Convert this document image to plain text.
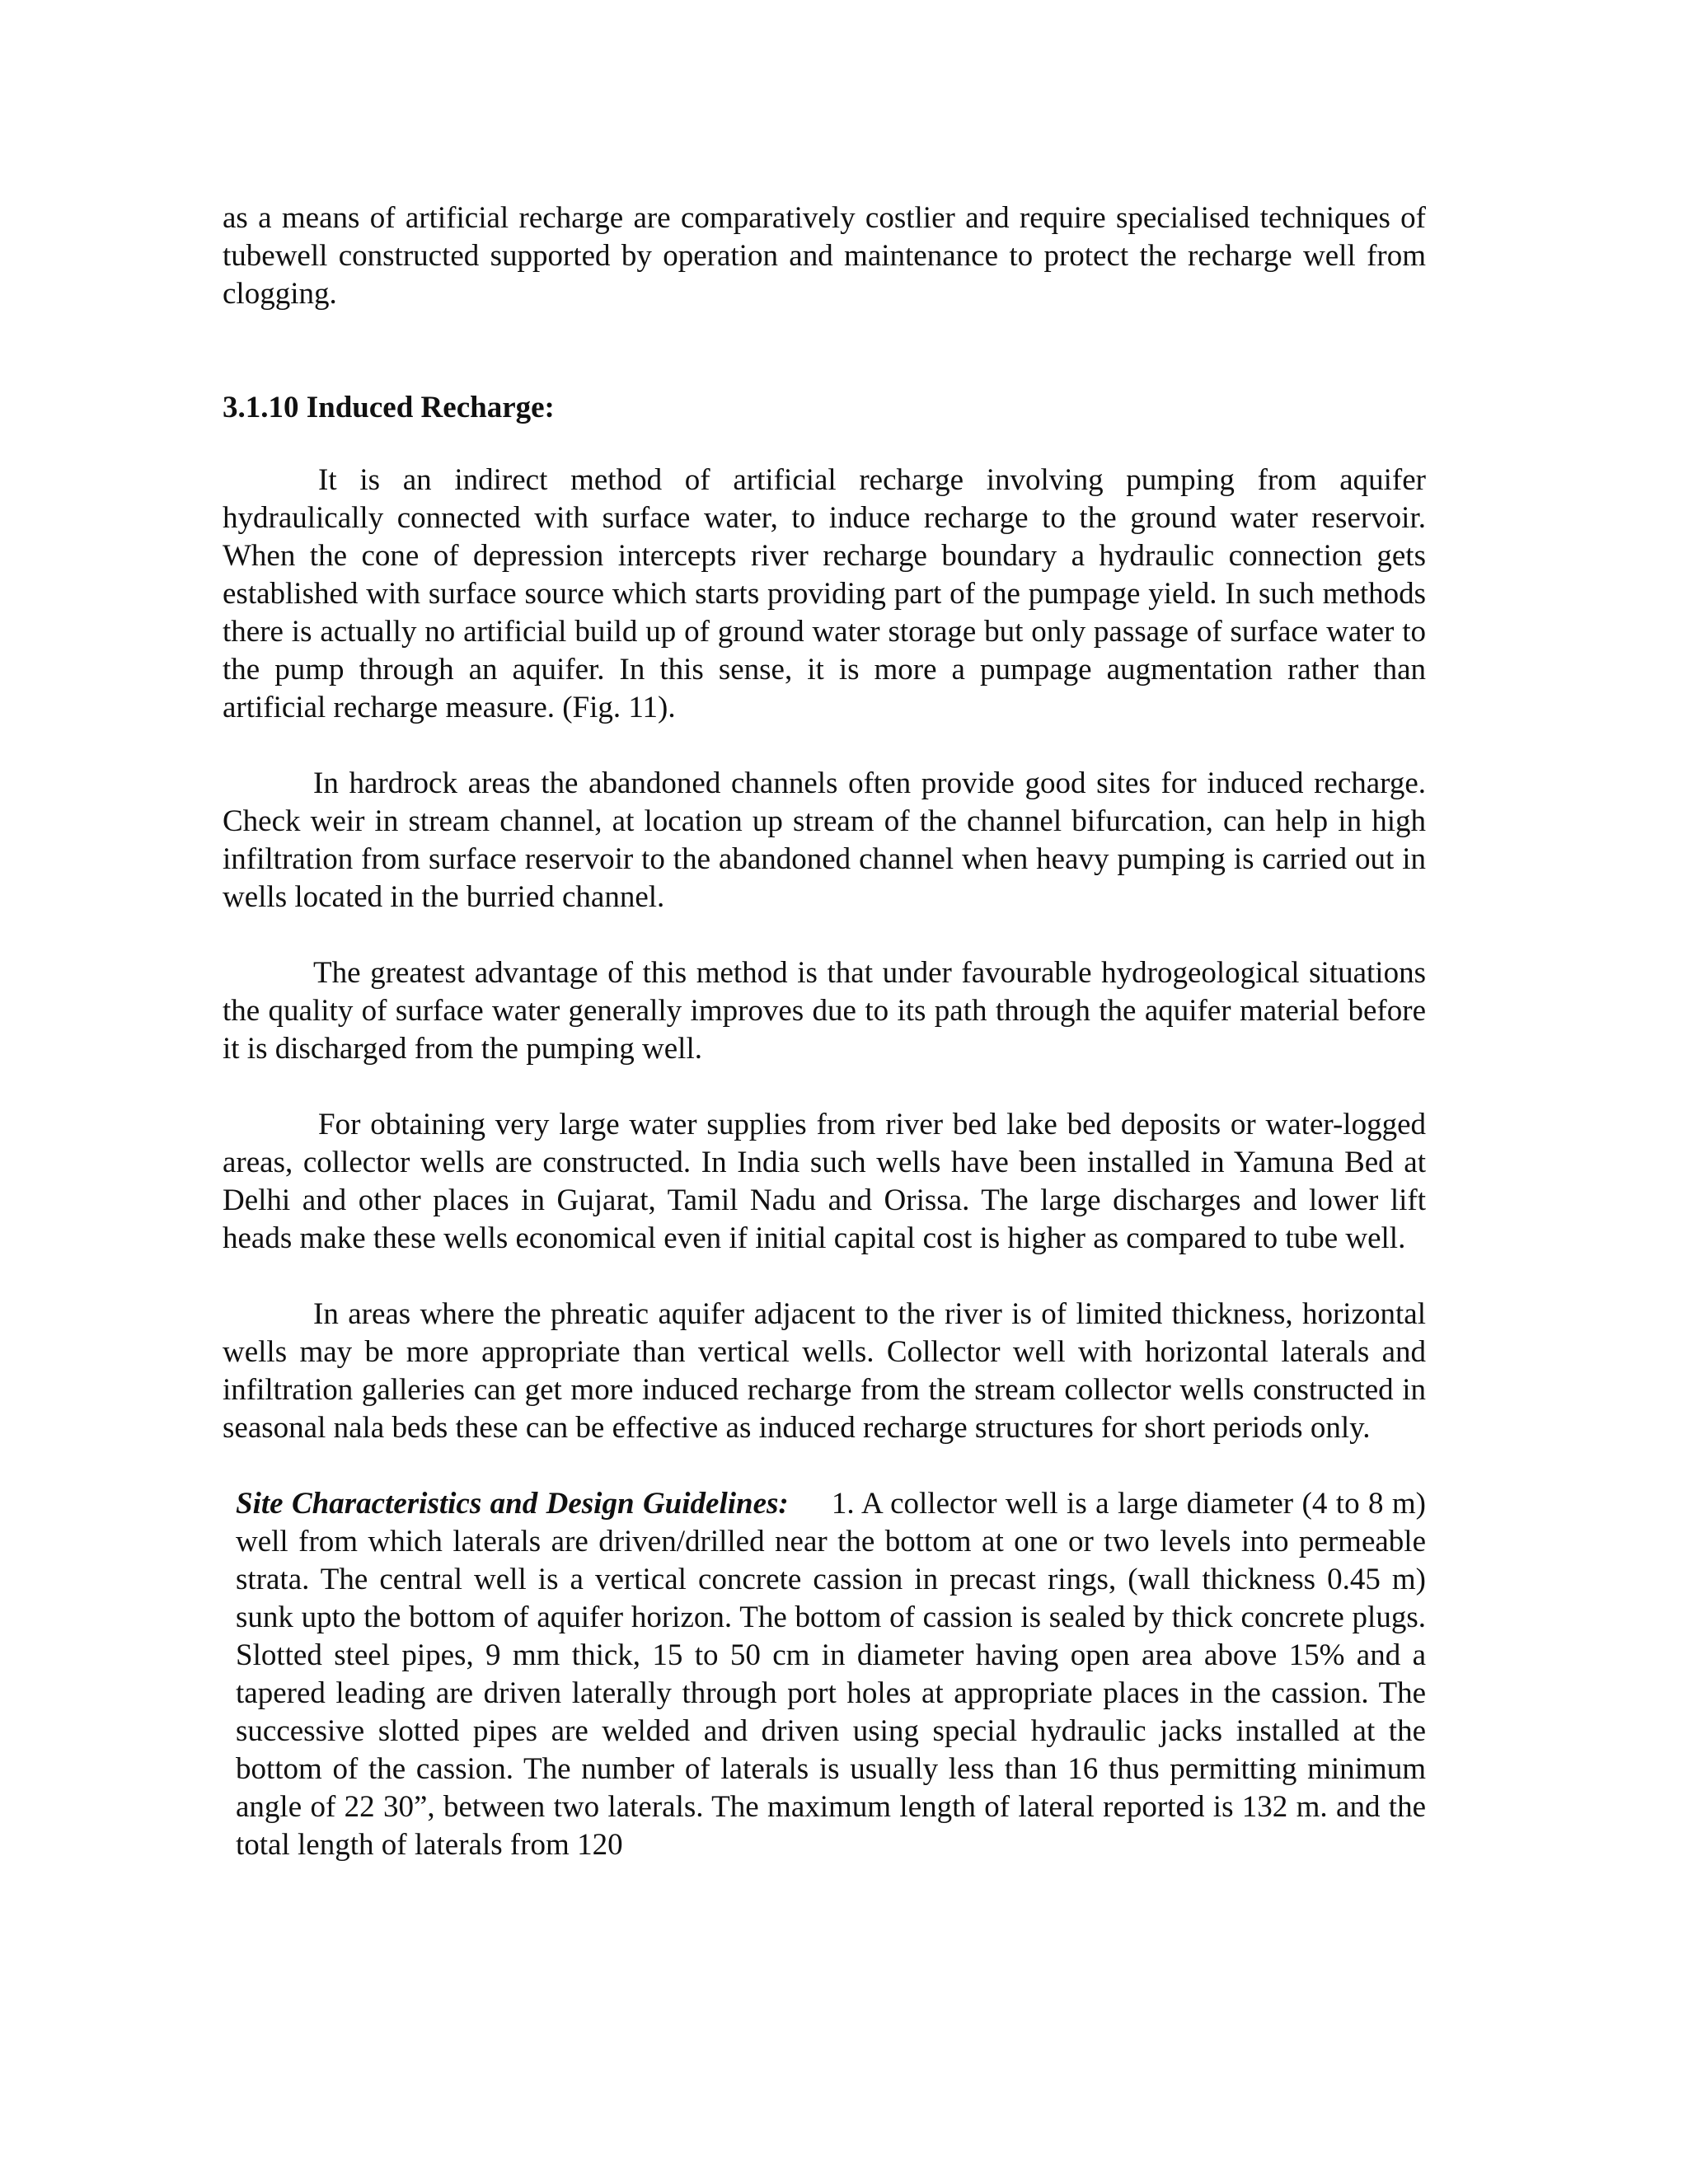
as a means of artificial recharge are comparatively costlier and require specialised techniques of tubewell constructed supported by operation and maintenance to protect the recharge well from clogging.

3.1.10 Induced Recharge:

It is an indirect method of artificial recharge involving pumping from aquifer hydraulically connected with surface water, to induce recharge to the ground water reservoir. When the cone of depression intercepts river recharge boundary a hydraulic connection gets established with surface source which starts providing part of the pumpage yield. In such methods there is actually no artificial build up of ground water storage but only passage of surface water to the pump through an aquifer. In this sense, it is more a pumpage augmentation rather than artificial recharge measure. (Fig. 11).

In hardrock areas the abandoned channels often provide good sites for induced recharge. Check weir in stream channel, at location up stream of the channel bifurcation, can help in high infiltration from surface reservoir to the abandoned channel when heavy pumping is carried out in wells located in the burried channel.

The greatest advantage of this method is that under favourable hydrogeological situations the quality of surface water generally improves due to its path through the aquifer material before it is discharged from the pumping well.

For obtaining very large water supplies from river bed lake bed deposits or water-logged areas, collector wells are constructed. In India such wells have been installed in Yamuna Bed at Delhi and other places in Gujarat, Tamil Nadu and Orissa. The large discharges and lower lift heads make these wells economical even if initial capital cost is higher as compared to tube well.

In areas where the phreatic aquifer adjacent to the river is of limited thickness, horizontal wells may be more appropriate than vertical wells. Collector well with horizontal laterals and infiltration galleries can get more induced recharge from the stream collector wells constructed in seasonal nala beds these can be effective as induced recharge structures for short periods only.

Site Characteristics and Design Guidelines: 1. A collector well is a large diameter (4 to 8 m) well from which laterals are driven/drilled near the bottom at one or two levels into permeable strata. The central well is a vertical concrete cassion in precast rings, (wall thickness 0.45 m) sunk upto the bottom of aquifer horizon. The bottom of cassion is sealed by thick concrete plugs. Slotted steel pipes, 9 mm thick, 15 to 50 cm in diameter having open area above 15% and a tapered leading are driven laterally through port holes at appropriate places in the cassion. The successive slotted pipes are welded and driven using special hydraulic jacks installed at the bottom of the cassion. The number of laterals is usually less than 16 thus permitting minimum angle of 22 30”, between two laterals. The maximum length of lateral reported is 132 m. and the total length of laterals from 120
